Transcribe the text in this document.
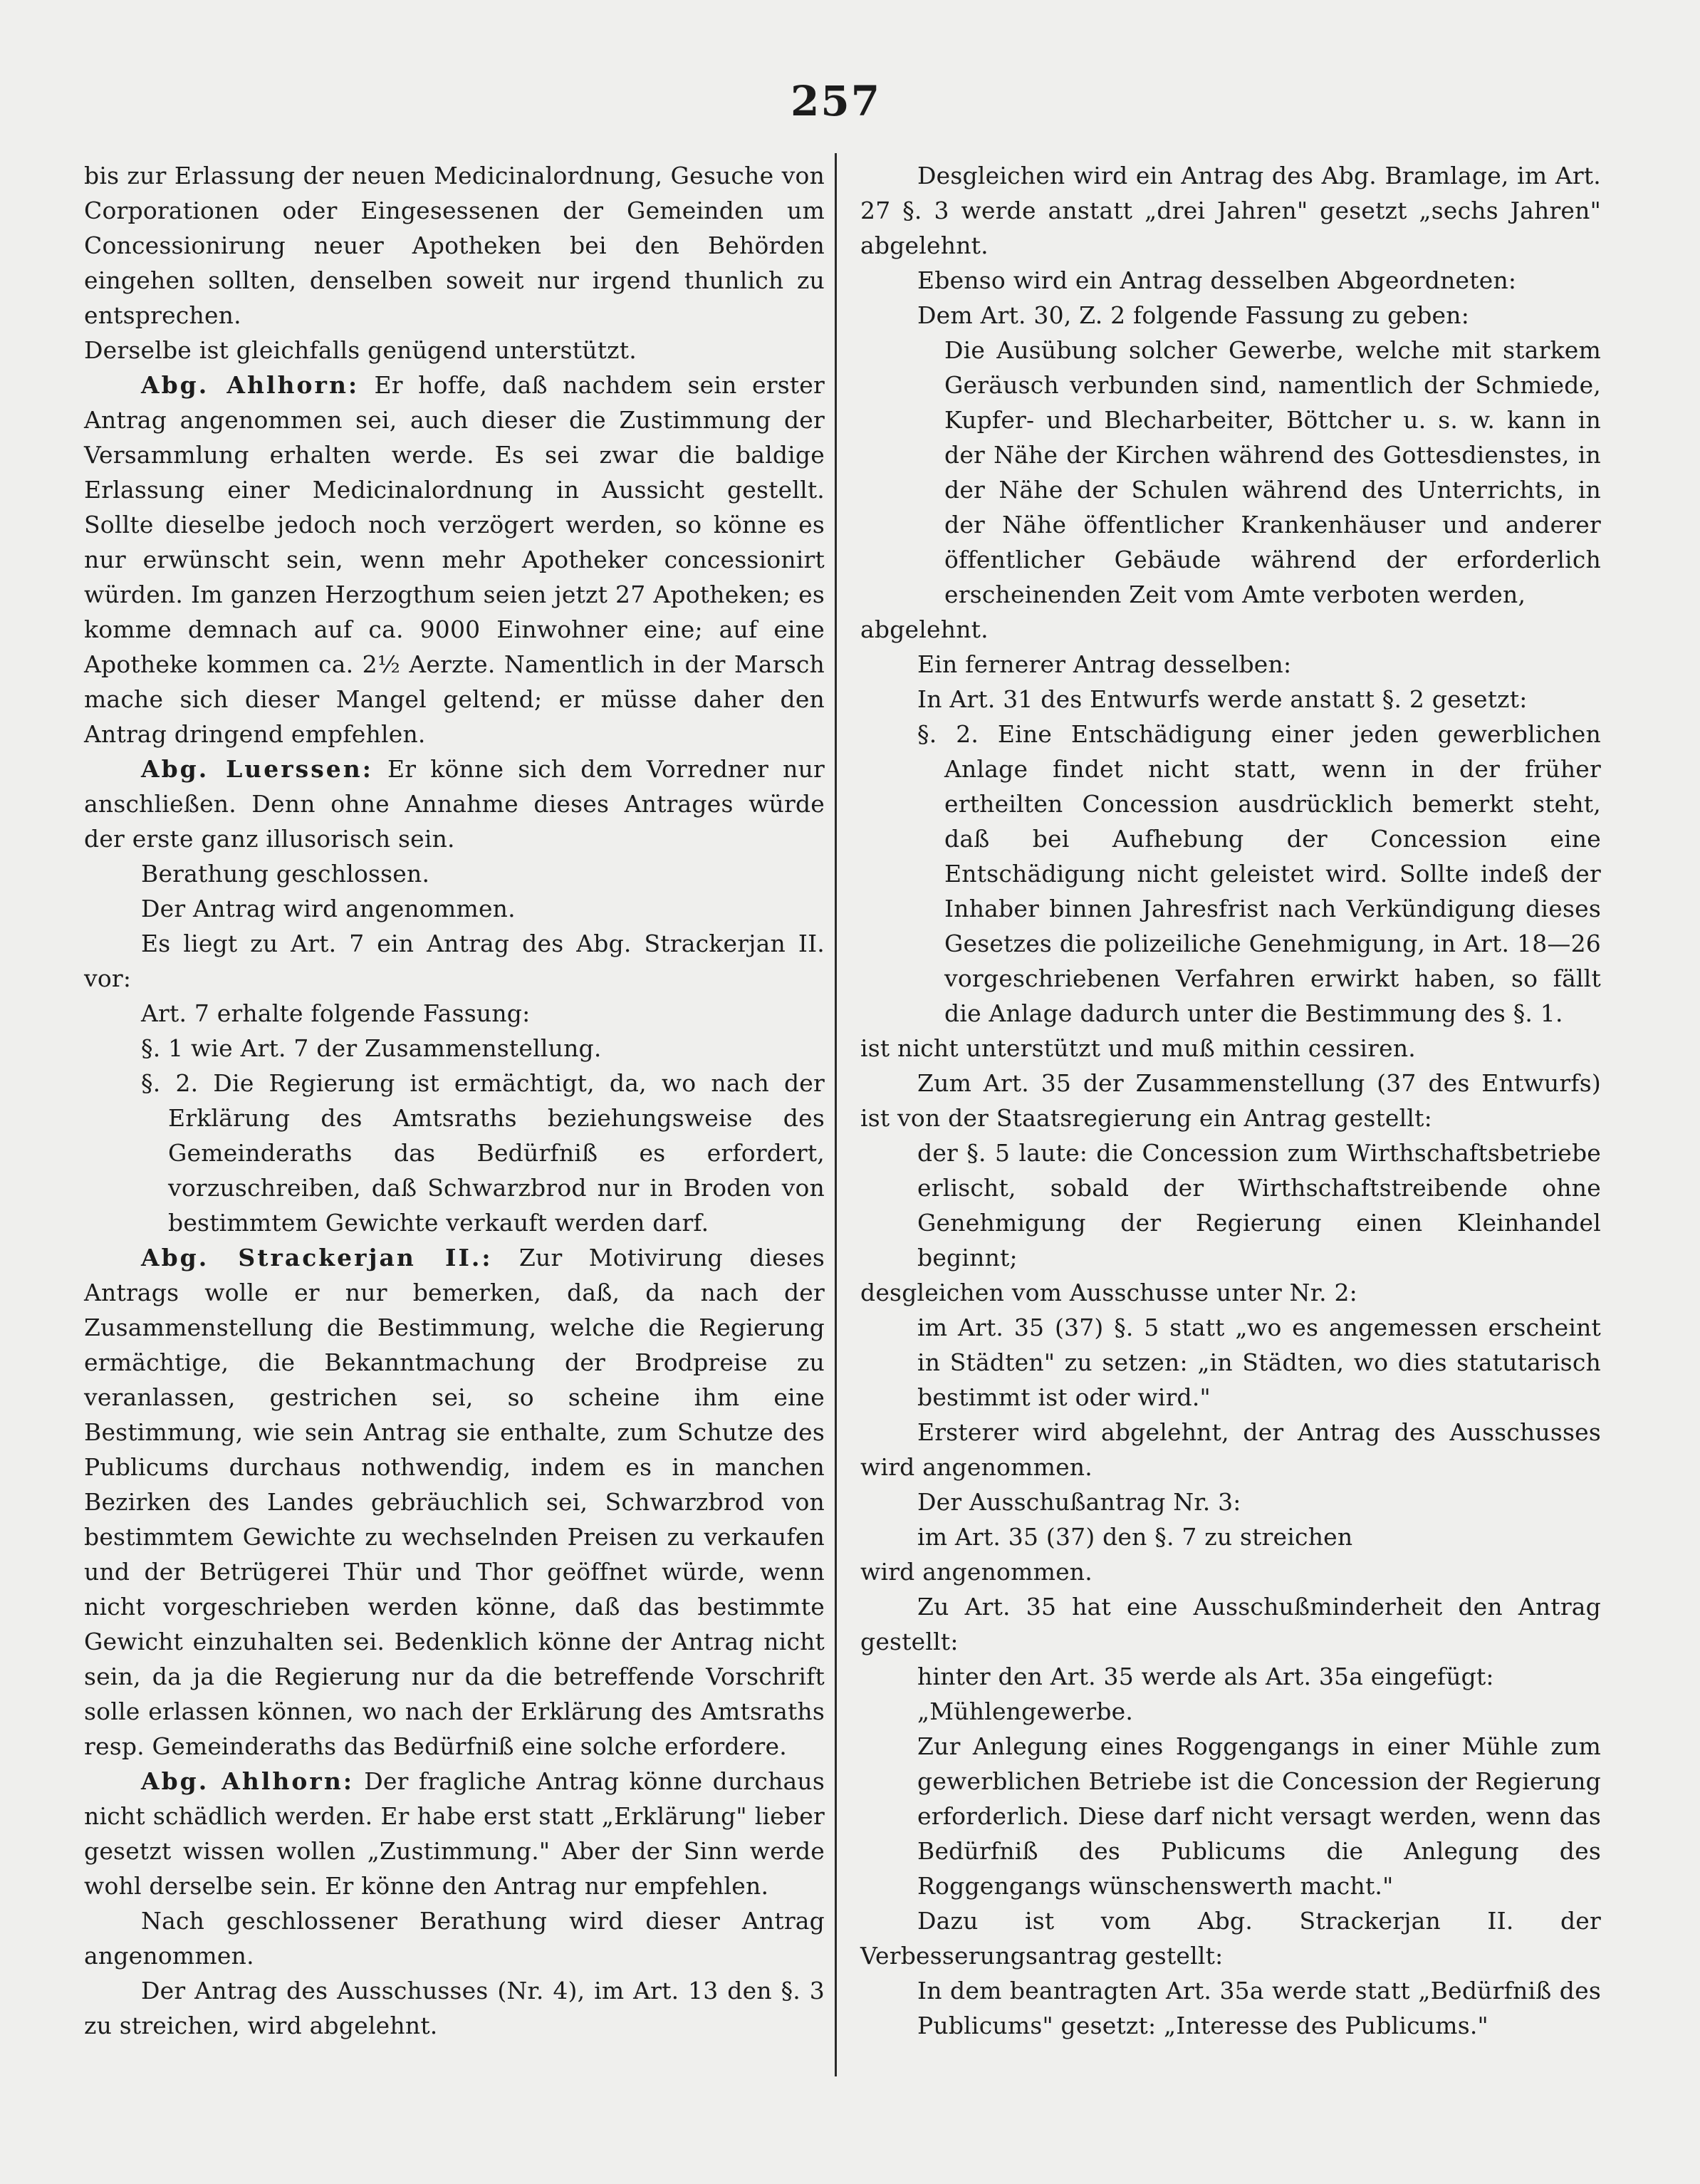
257

bis zur Erlassung der neuen Medicinalordnung, Gesuche von Corporationen oder Eingesessenen der Gemeinden um Concessionirung neuer Apotheken bei den Behörden eingehen sollten, denselben soweit nur irgend thunlich zu entsprechen.

Derselbe ist gleichfalls genügend unterstützt.

Abg. Ahlhorn: Er hoffe, daß nachdem sein erster Antrag angenommen sei, auch dieser die Zustimmung der Versammlung erhalten werde. Es sei zwar die baldige Erlassung einer Medicinalordnung in Aussicht gestellt. Sollte dieselbe jedoch noch verzögert werden, so könne es nur erwünscht sein, wenn mehr Apotheker concessionirt würden. Im ganzen Herzogthum seien jetzt 27 Apotheken; es komme demnach auf ca. 9000 Einwohner eine; auf eine Apotheke kommen ca. 2½ Aerzte. Namentlich in der Marsch mache sich dieser Mangel geltend; er müsse daher den Antrag dringend empfehlen.

Abg. Luerssen: Er könne sich dem Vorredner nur anschließen. Denn ohne Annahme dieses Antrages würde der erste ganz illusorisch sein.

Berathung geschlossen.

Der Antrag wird angenommen.

Es liegt zu Art. 7 ein Antrag des Abg. Strackerjan II. vor:

Art. 7 erhalte folgende Fassung:

§. 1 wie Art. 7 der Zusammenstellung.

§. 2. Die Regierung ist ermächtigt, da, wo nach der Erklärung des Amtsraths beziehungsweise des Gemeinderaths das Bedürfniß es erfordert, vorzuschreiben, daß Schwarzbrod nur in Broden von bestimmtem Gewichte verkauft werden darf.

Abg. Strackerjan II.: Zur Motivirung dieses Antrags wolle er nur bemerken, daß, da nach der Zusammenstellung die Bestimmung, welche die Regierung ermächtige, die Bekanntmachung der Brodpreise zu veranlassen, gestrichen sei, so scheine ihm eine Bestimmung, wie sein Antrag sie enthalte, zum Schutze des Publicums durchaus nothwendig, indem es in manchen Bezirken des Landes gebräuchlich sei, Schwarzbrod von bestimmtem Gewichte zu wechselnden Preisen zu verkaufen und der Betrügerei Thür und Thor geöffnet würde, wenn nicht vorgeschrieben werden könne, daß das bestimmte Gewicht einzuhalten sei. Bedenklich könne der Antrag nicht sein, da ja die Regierung nur da die betreffende Vorschrift solle erlassen können, wo nach der Erklärung des Amtsraths resp. Gemeinderaths das Bedürfniß eine solche erfordere.

Abg. Ahlhorn: Der fragliche Antrag könne durchaus nicht schädlich werden. Er habe erst statt „Erklärung" lieber gesetzt wissen wollen „Zustimmung." Aber der Sinn werde wohl derselbe sein. Er könne den Antrag nur empfehlen.

Nach geschlossener Berathung wird dieser Antrag angenommen.

Der Antrag des Ausschusses (Nr. 4), im Art. 13 den §. 3 zu streichen, wird abgelehnt.

Desgleichen wird ein Antrag des Abg. Bramlage, im Art. 27 §. 3 werde anstatt „drei Jahren" gesetzt „sechs Jahren" abgelehnt.

Ebenso wird ein Antrag desselben Abgeordneten:

Dem Art. 30, Z. 2 folgende Fassung zu geben:

Die Ausübung solcher Gewerbe, welche mit starkem Geräusch verbunden sind, namentlich der Schmiede, Kupfer- und Blecharbeiter, Böttcher u. s. w. kann in der Nähe der Kirchen während des Gottesdienstes, in der Nähe der Schulen während des Unterrichts, in der Nähe öffentlicher Krankenhäuser und anderer öffentlicher Gebäude während der erforderlich erscheinenden Zeit vom Amte verboten werden,

abgelehnt.

Ein fernerer Antrag desselben:

In Art. 31 des Entwurfs werde anstatt §. 2 gesetzt:

§. 2. Eine Entschädigung einer jeden gewerblichen Anlage findet nicht statt, wenn in der früher ertheilten Concession ausdrücklich bemerkt steht, daß bei Aufhebung der Concession eine Entschädigung nicht geleistet wird. Sollte indeß der Inhaber binnen Jahresfrist nach Verkündigung dieses Gesetzes die polizeiliche Genehmigung, in Art. 18—26 vorgeschriebenen Verfahren erwirkt haben, so fällt die Anlage dadurch unter die Bestimmung des §. 1.

ist nicht unterstützt und muß mithin cessiren.

Zum Art. 35 der Zusammenstellung (37 des Entwurfs) ist von der Staatsregierung ein Antrag gestellt:

der §. 5 laute: die Concession zum Wirthschaftsbetriebe erlischt, sobald der Wirthschaftstreibende ohne Genehmigung der Regierung einen Kleinhandel beginnt;

desgleichen vom Ausschusse unter Nr. 2:

im Art. 35 (37) §. 5 statt „wo es angemessen erscheint in Städten" zu setzen: „in Städten, wo dies statutarisch bestimmt ist oder wird."

Ersterer wird abgelehnt, der Antrag des Ausschusses wird angenommen.

Der Ausschußantrag Nr. 3:

im Art. 35 (37) den §. 7 zu streichen

wird angenommen.

Zu Art. 35 hat eine Ausschußminderheit den Antrag gestellt:

hinter den Art. 35 werde als Art. 35a eingefügt:

„Mühlengewerbe.

Zur Anlegung eines Roggengangs in einer Mühle zum gewerblichen Betriebe ist die Concession der Regierung erforderlich. Diese darf nicht versagt werden, wenn das Bedürfniß des Publicums die Anlegung des Roggengangs wünschenswerth macht."

Dazu ist vom Abg. Strackerjan II. der Verbesserungsantrag gestellt:

In dem beantragten Art. 35a werde statt „Bedürfniß des Publicums" gesetzt: „Interesse des Publicums."
